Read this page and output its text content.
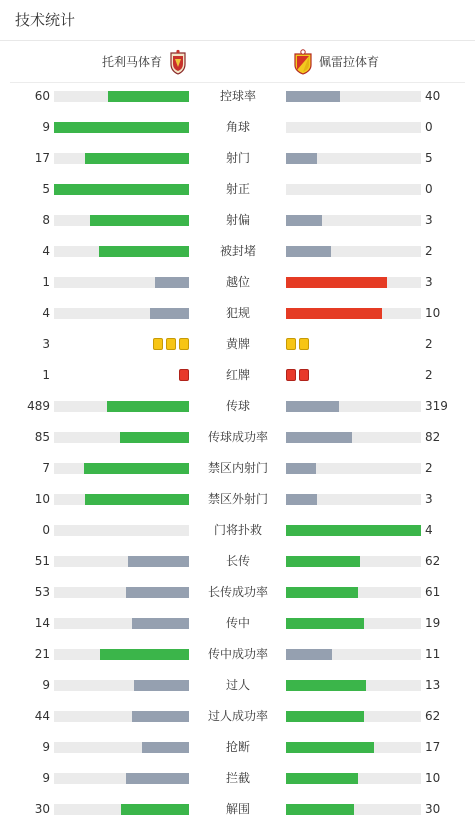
技术统计
托利马体育	佩雷拉体育
60	控球率	40
9	角球	0
17	射门	5
5	射正	0
8	射偏	3
4	被封堵	2
1	越位	3
4	犯规	10
3	黄牌	2
1	红牌	2
489	传球	319
85	传球成功率	82
7	禁区内射门	2
10	禁区外射门	3
0	门将扑救	4
51	长传	62
53	长传成功率	61
14	传中	19
21	传中成功率	11
9	过人	13
44	过人成功率	62
9	抢断	17
9	拦截	10
30	解围	30
